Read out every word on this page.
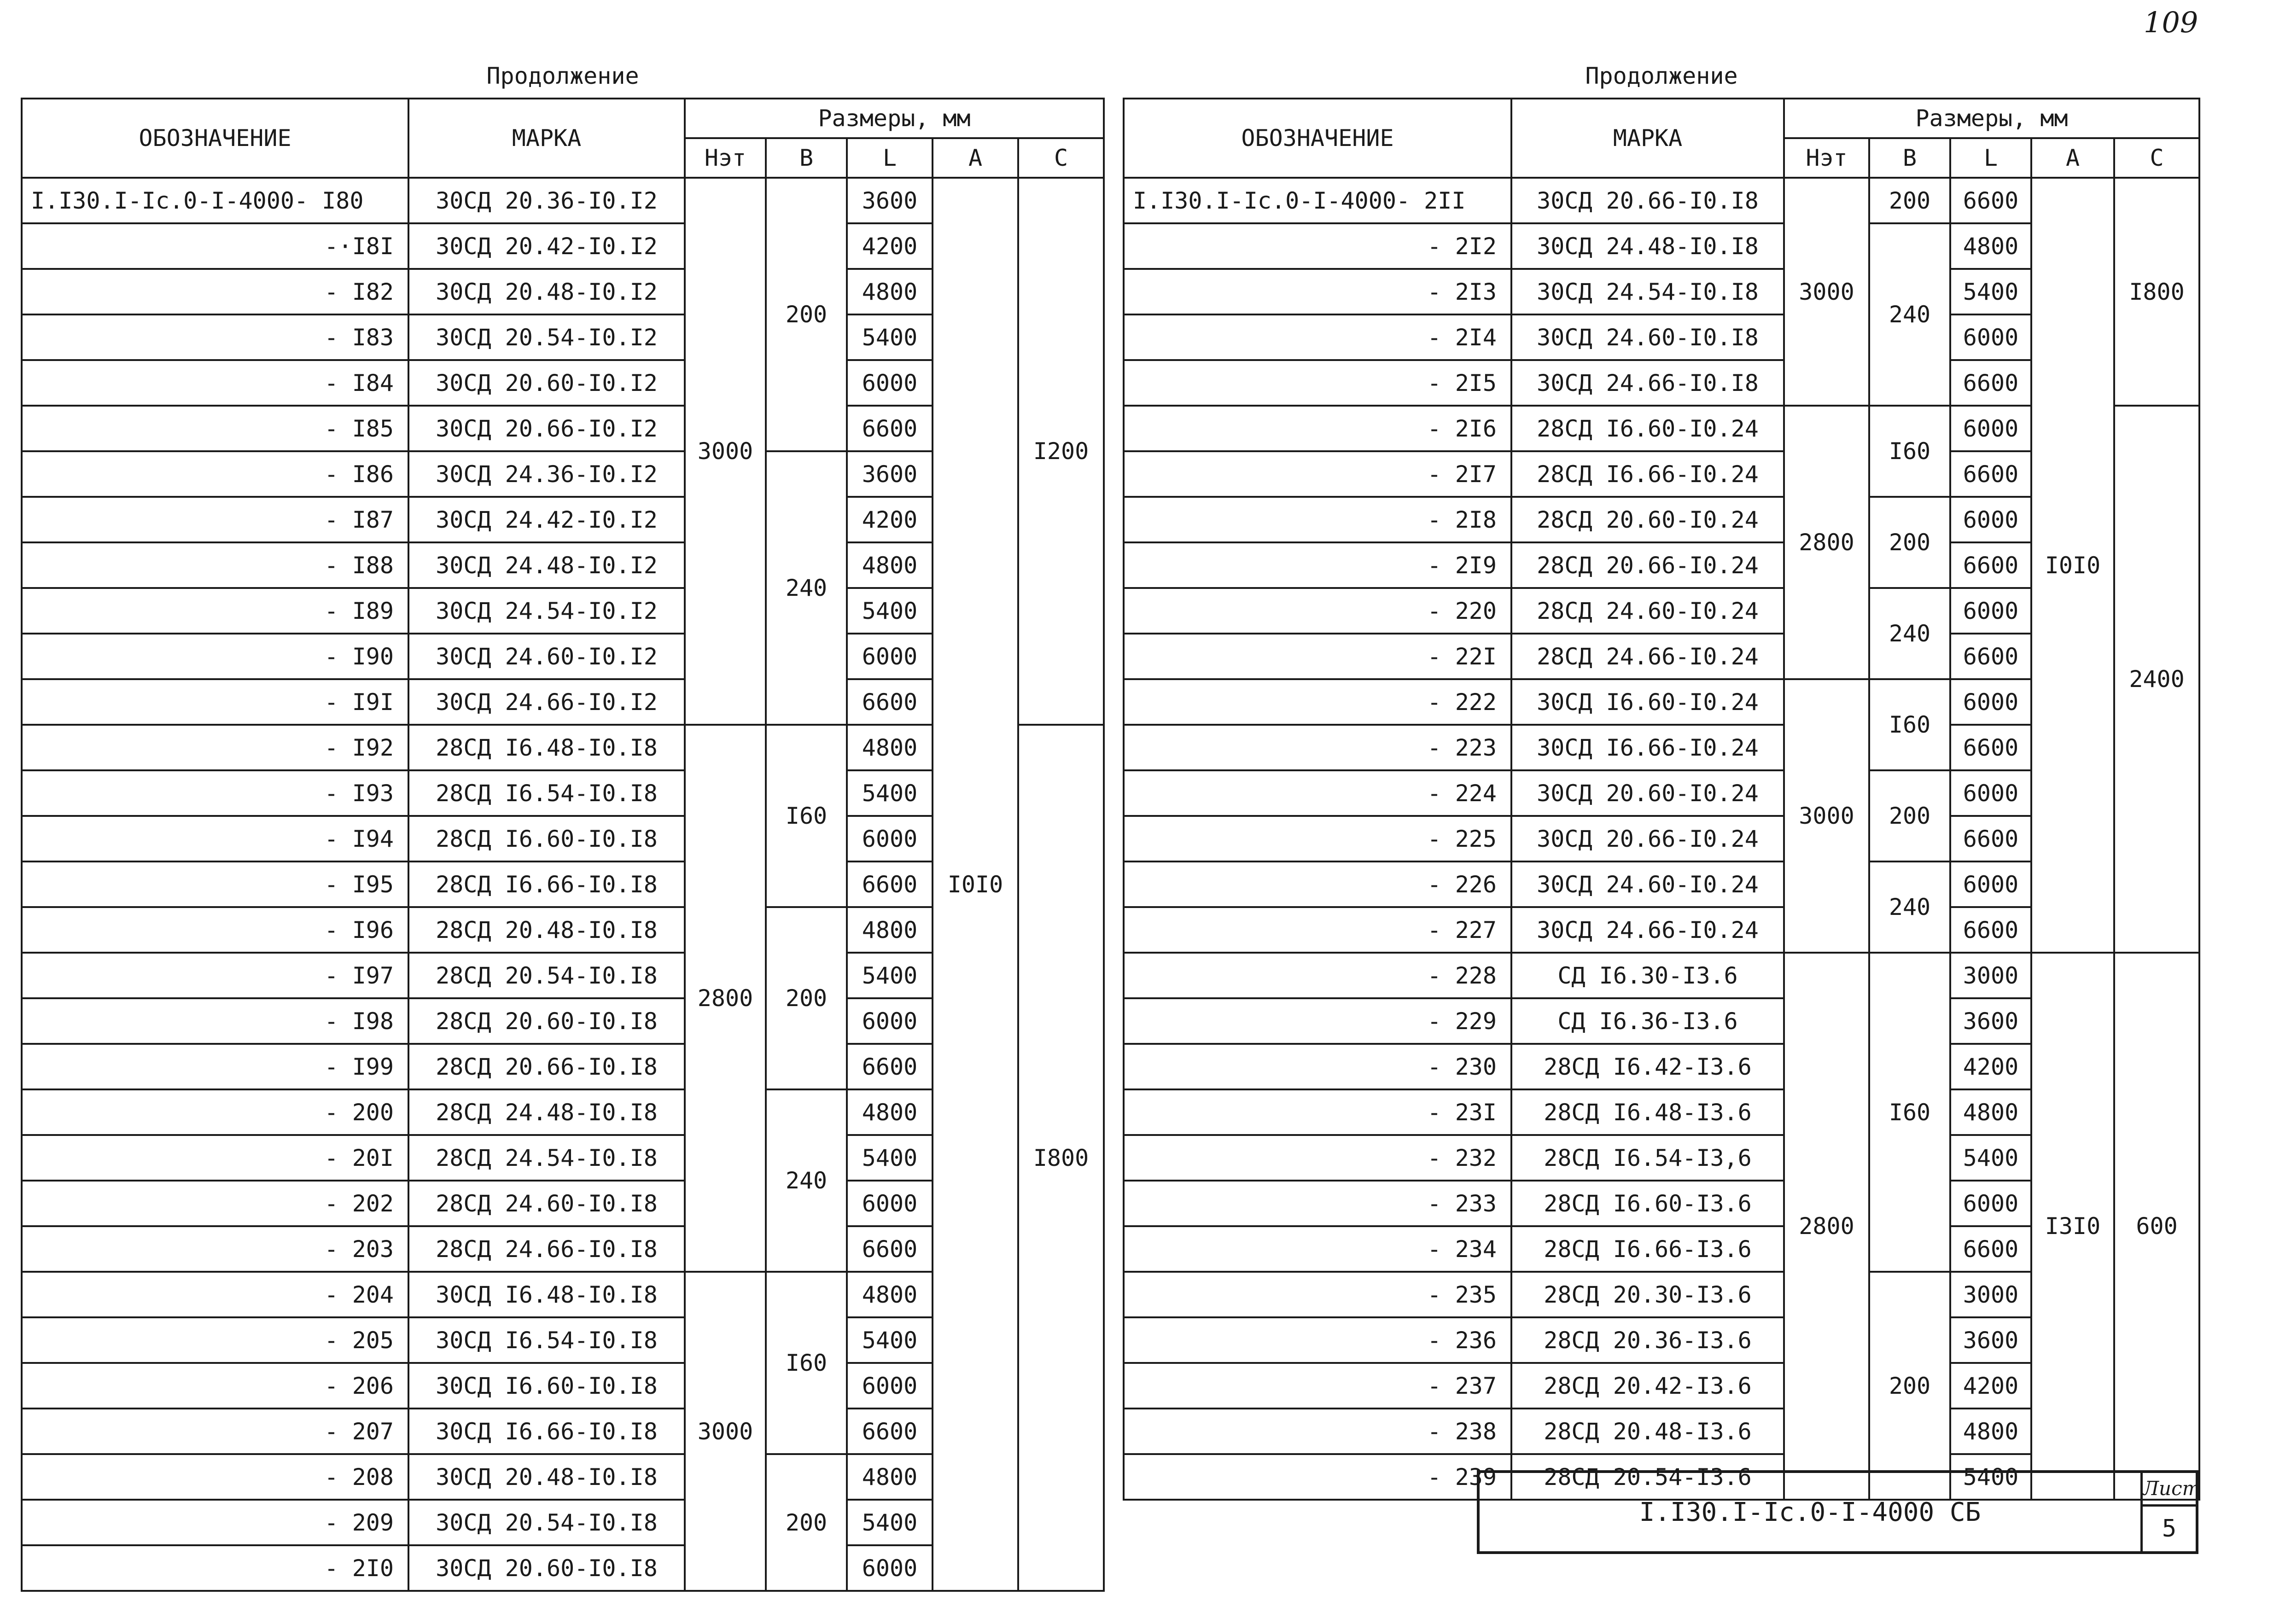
109
Продолжение						
ОБОЗНАЧЕНИЕ	МАРКА	Размеры, мм				
		Нэт	B	L	A	C
I.I30.I-Ic.0-I-4000- I80	30СД 20.36-I0.I2	3000	200	3600	I0I0	I200
-·I8I	30СД 20.42-I0.I2			4200		
- I82	30СД 20.48-I0.I2			4800		
- I83	30СД 20.54-I0.I2			5400		
- I84	30СД 20.60-I0.I2			6000		
- I85	30СД 20.66-I0.I2			6600		
- I86	30СД 24.36-I0.I2		240	3600		
- I87	30СД 24.42-I0.I2			4200		
- I88	30СД 24.48-I0.I2			4800		
- I89	30СД 24.54-I0.I2			5400		
- I90	30СД 24.60-I0.I2			6000		
- I9I	30СД 24.66-I0.I2			6600		
- I92	28СД I6.48-I0.I8	2800	I60	4800		I800
- I93	28СД I6.54-I0.I8			5400		
- I94	28СД I6.60-I0.I8			6000		
- I95	28СД I6.66-I0.I8			6600		
- I96	28СД 20.48-I0.I8		200	4800		
- I97	28СД 20.54-I0.I8			5400		
- I98	28СД 20.60-I0.I8			6000		
- I99	28СД 20.66-I0.I8			6600		
- 200	28СД 24.48-I0.I8		240	4800		
- 20I	28СД 24.54-I0.I8			5400		
- 202	28СД 24.60-I0.I8			6000		
- 203	28СД 24.66-I0.I8			6600		
- 204	30СД I6.48-I0.I8	3000	I60	4800		
- 205	30СД I6.54-I0.I8			5400		
- 206	30СД I6.60-I0.I8			6000		
- 207	30СД I6.66-I0.I8			6600		
- 208	30СД 20.48-I0.I8		200	4800		
- 209	30СД 20.54-I0.I8			5400		
- 2I0	30СД 20.60-I0.I8			6000		
Продолжение						
ОБОЗНАЧЕНИЕ	МАРКА	Размеры, мм				
		Нэт	B	L	A	C
I.I30.I-Ic.0-I-4000- 2II	30СД 20.66-I0.I8	3000	200	6600	I0I0	I800
- 2I2	30СД 24.48-I0.I8		240	4800		
- 2I3	30СД 24.54-I0.I8			5400		
- 2I4	30СД 24.60-I0.I8			6000		
- 2I5	30СД 24.66-I0.I8			6600		
- 2I6	28СД I6.60-I0.24	2800	I60	6000		2400
- 2I7	28СД I6.66-I0.24			6600		
- 2I8	28СД 20.60-I0.24		200	6000		
- 2I9	28СД 20.66-I0.24			6600		
- 220	28СД 24.60-I0.24		240	6000		
- 22I	28СД 24.66-I0.24			6600		
- 222	30СД I6.60-I0.24	3000	I60	6000		
- 223	30СД I6.66-I0.24			6600		
- 224	30СД 20.60-I0.24		200	6000		
- 225	30СД 20.66-I0.24			6600		
- 226	30СД 24.60-I0.24		240	6000		
- 227	30СД 24.66-I0.24			6600		
- 228	СД I6.30-I3.6	2800	I60	3000	I3I0	600
- 229	СД I6.36-I3.6			3600		
- 230	28СД I6.42-I3.6			4200		
- 23I	28СД I6.48-I3.6			4800		
- 232	28СД I6.54-I3,6			5400		
- 233	28СД I6.60-I3.6			6000		
- 234	28СД I6.66-I3.6			6600		
- 235	28СД 20.30-I3.6		200	3000		
- 236	28СД 20.36-I3.6			3600		
- 237	28СД 20.42-I3.6			4200		
- 238	28СД 20.48-I3.6			4800		
- 239	28СД 20.54-I3.6			5400		
I.I30.I-Ic.0-I-4000 СБ
Лист
5
